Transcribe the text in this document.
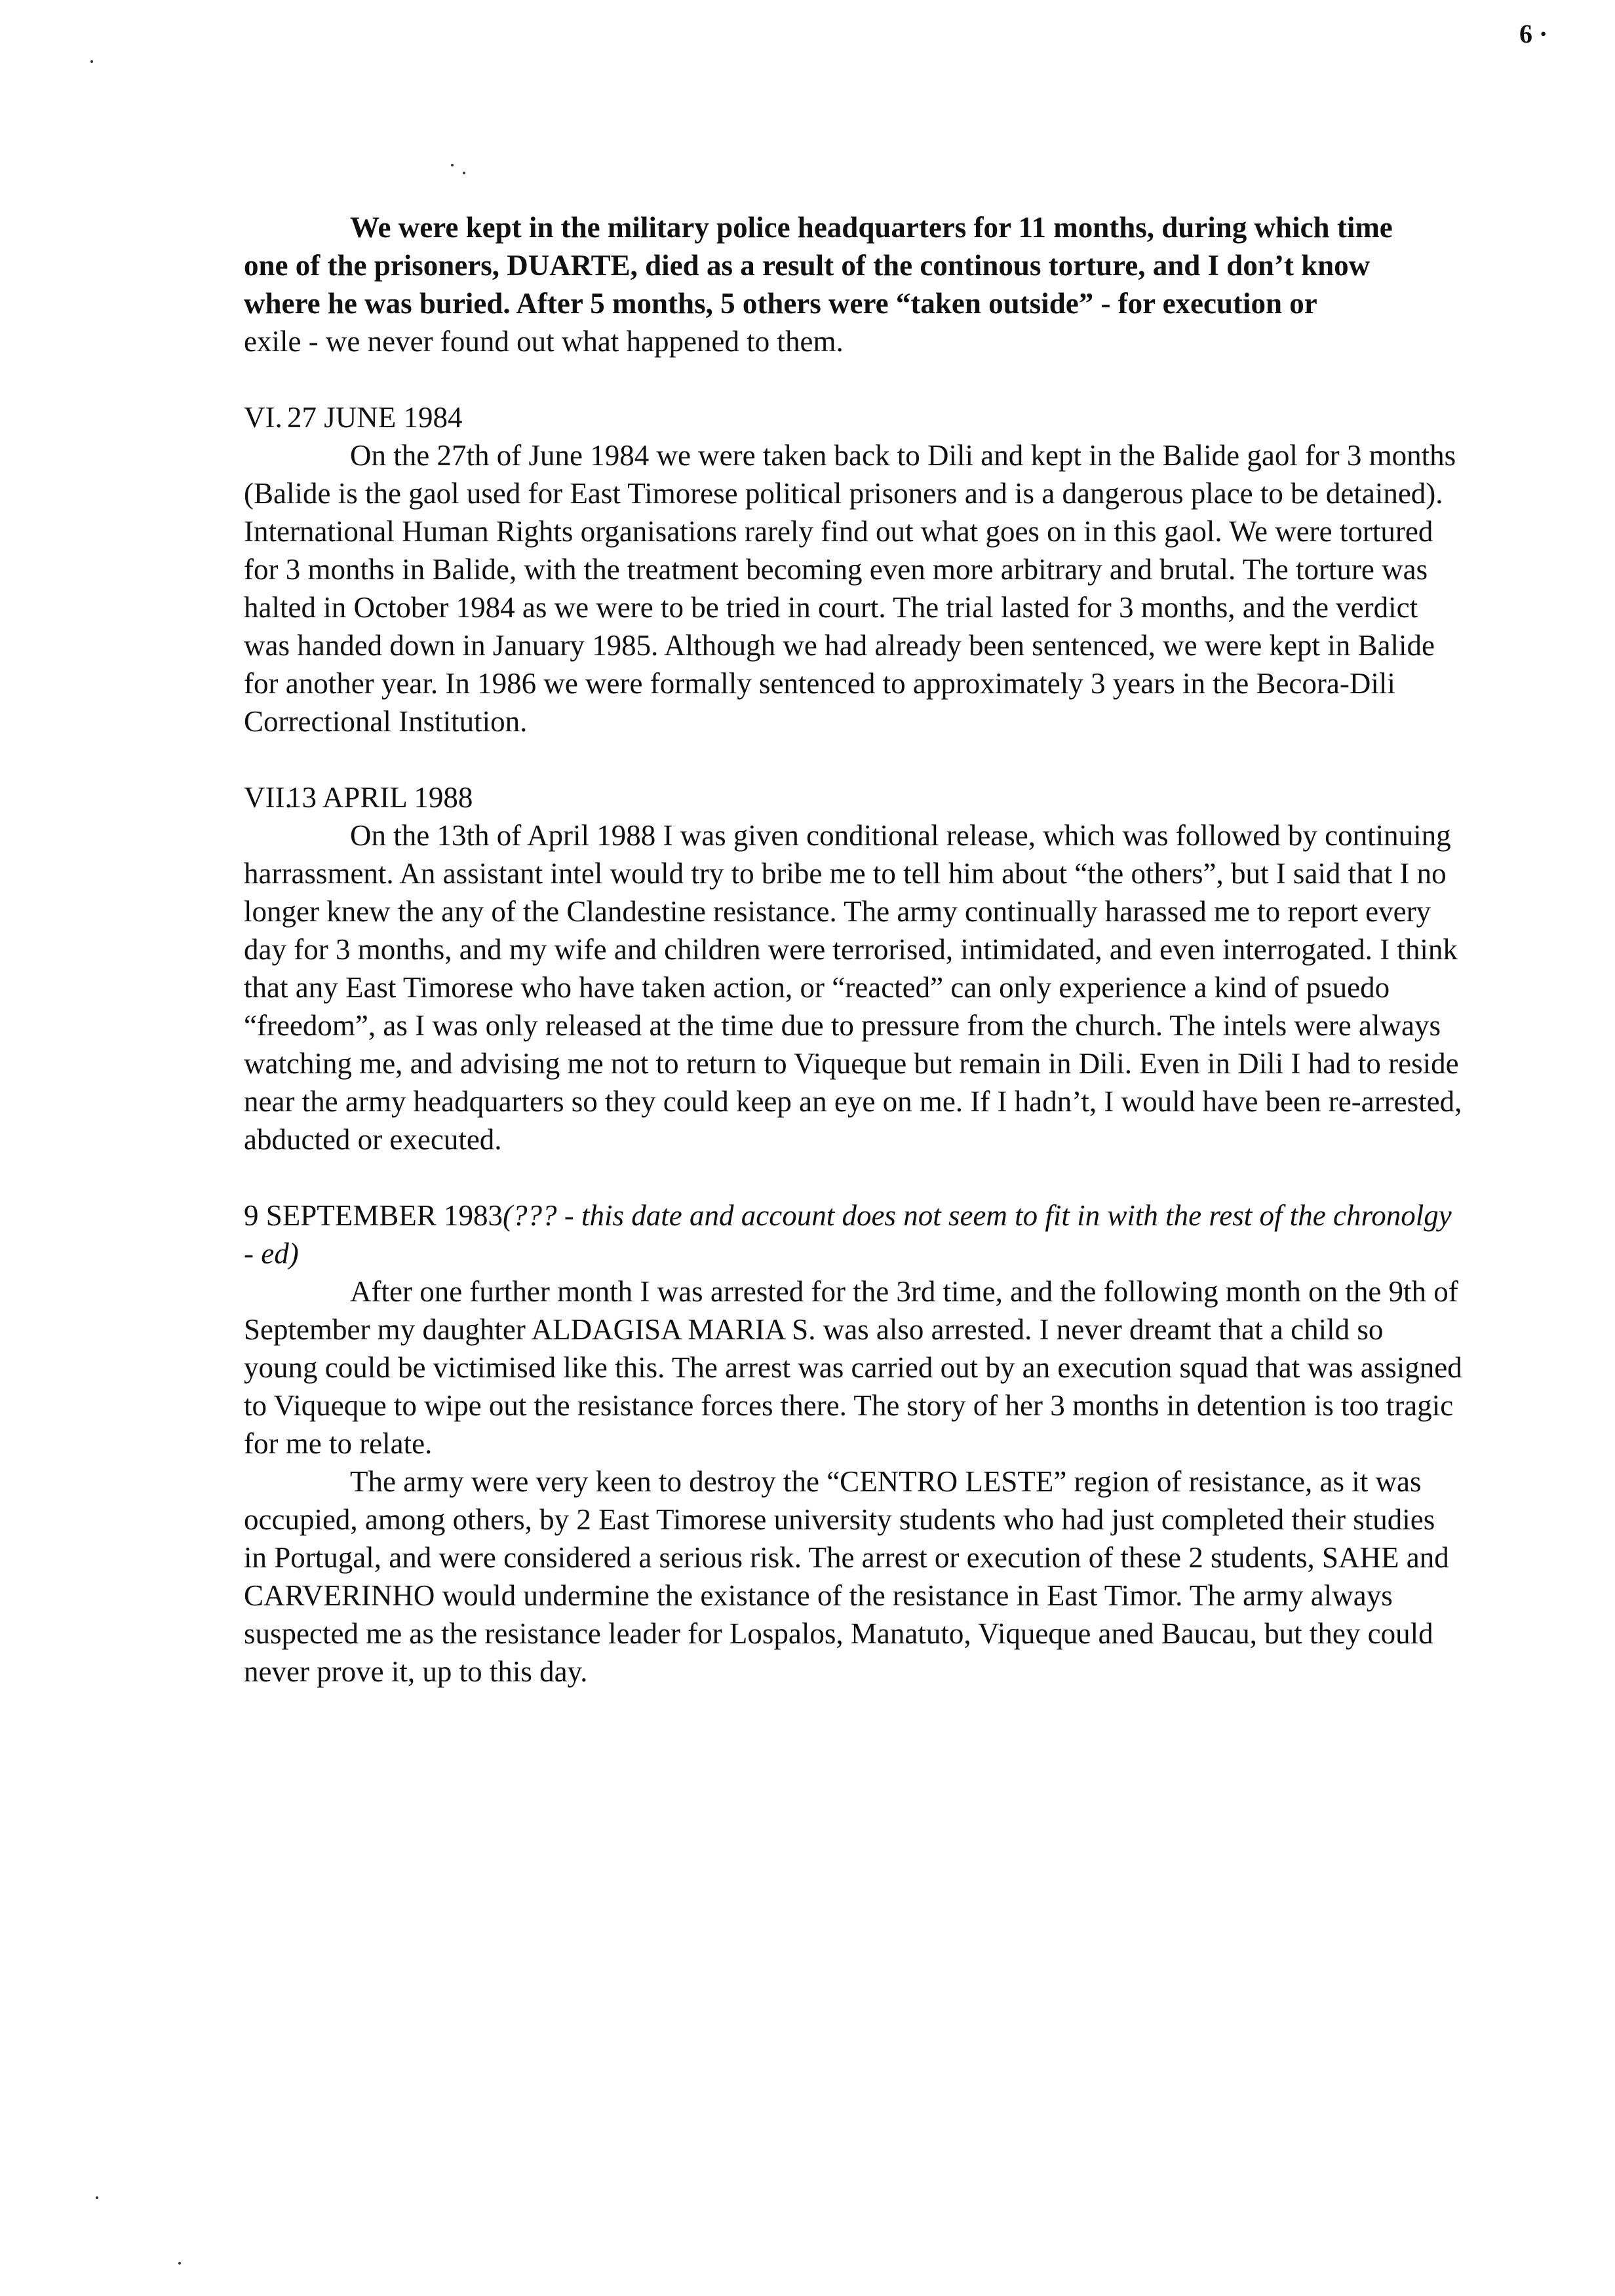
6 ·
We were kept in the military police headquarters for 11 months, during which time
one of the prisoners, DUARTE, died as a result of the continous torture, and I don’t know
where he was buried. After 5 months, 5 others were “taken outside” - for execution or
exile - we never found out what happened to them.
VI. 27 JUNE 1984

On the 27th of June 1984 we were taken back to Dili and kept in the Balide gaol for 3 months (Balide is the gaol used for East Timorese political prisoners and is a dangerous place to be detained). International Human Rights organisations rarely find out what goes on in this gaol. We were tortured for 3 months in Balide, with the treatment becoming even more arbitrary and brutal. The torture was halted in October 1984 as we were to be tried in court. The trial lasted for 3 months, and the verdict was handed down in January 1985. Although we had already been sentenced, we were kept in Balide for another year. In 1986 we were formally sentenced to approximately 3 years in the Becora-Dili Correctional Institution.

VII.13 APRIL 1988

On the 13th of April 1988 I was given conditional release, which was followed by continuing harrassment. An assistant intel would try to bribe me to tell him about “the others”, but I said that I no longer knew the any of the Clandestine resistance. The army continually harassed me to report every day for 3 months, and my wife and children were terrorised, intimidated, and even interrogated. I think that any East Timorese who have taken action, or “reacted” can only experience a kind of psuedo “freedom”, as I was only released at the time due to pressure from the church. The intels were always watching me, and advising me not to return to Viqueque but remain in Dili. Even in Dili I had to reside near the army headquarters so they could keep an eye on me. If I hadn’t, I would have been re-arrested, abducted or executed.

9 SEPTEMBER 1983(??? - this date and account does not seem to fit in with the rest of the chronolgy - ed)

After one further month I was arrested for the 3rd time, and the following month on the 9th of September my daughter ALDAGISA MARIA S. was also arrested. I never dreamt that a child so young could be victimised like this. The arrest was carried out by an execution squad that was assigned to Viqueque to wipe out the resistance forces there. The story of her 3 months in detention is too tragic for me to relate.

The army were very keen to destroy the “CENTRO LESTE” region of resistance, as it was occupied, among others, by 2 East Timorese university students who had just completed their studies in Portugal, and were considered a serious risk. The arrest or execution of these 2 students, SAHE and CARVERINHO would undermine the existance of the resistance in East Timor. The army always suspected me as the resistance leader for Lospalos, Manatuto, Viqueque aned Baucau, but they could never prove it, up to this day.
